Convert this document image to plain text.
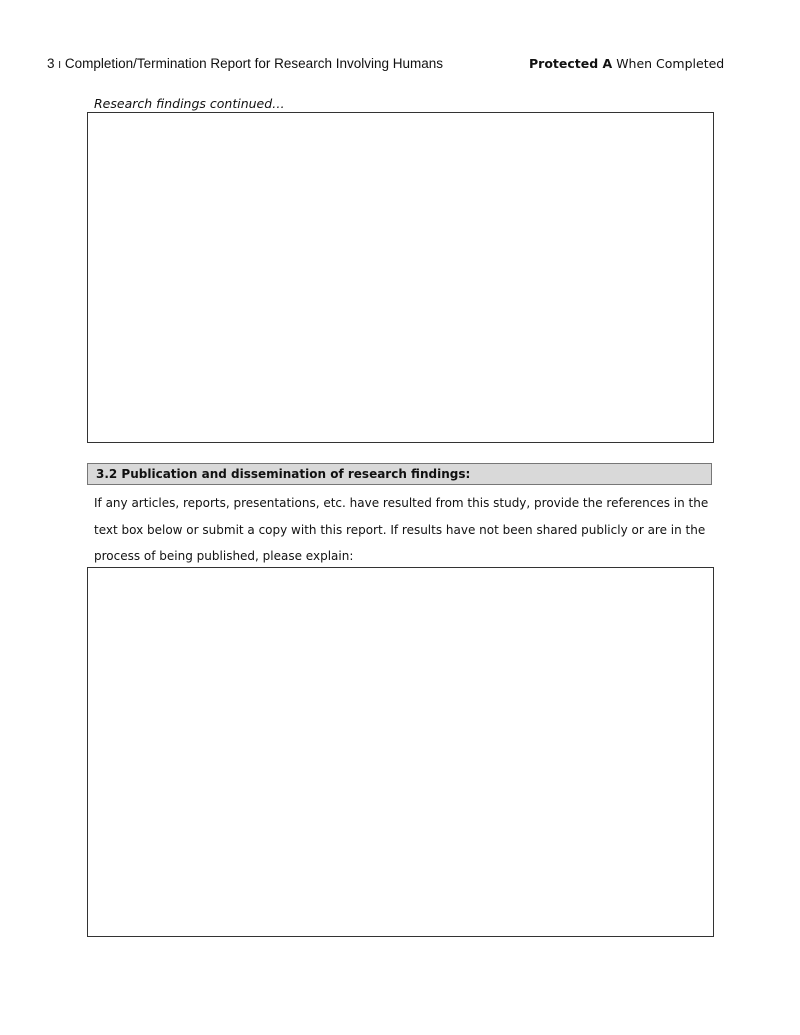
3 I Completion/Termination Report for Research Involving Humans	Protected A When Completed
Research findings continued…
3.2 Publication and dissemination of research findings:
If any articles, reports, presentations, etc. have resulted from this study, provide the references in the
text box below or submit a copy with this report. If results have not been shared publicly or are in the
process of being published, please explain:
